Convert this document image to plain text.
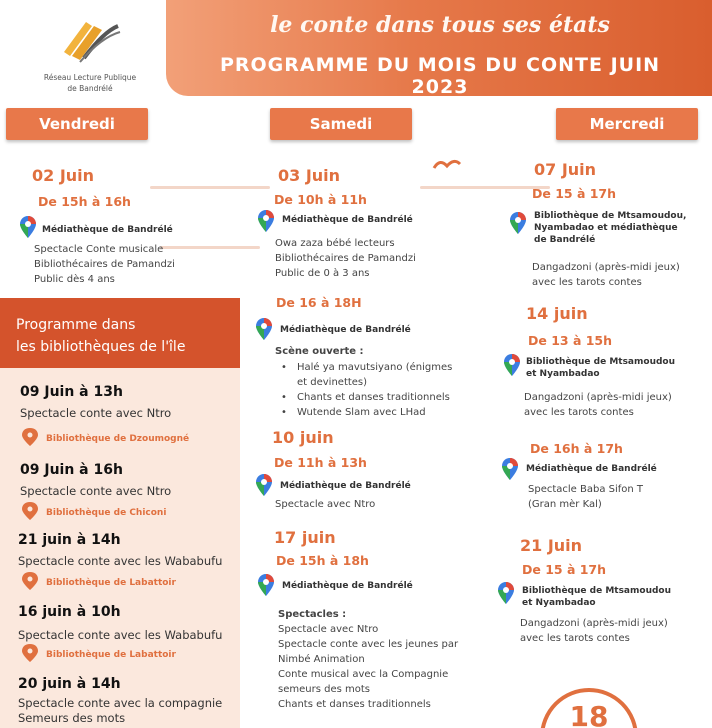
le conte dans tous ses états
PROGRAMME DU MOIS DU CONTE JUIN 2023
Réseau Lecture Publique
de Bandrélé
Vendredi	Samedi	Mercredi
02 Juin
De 15h à 16h
Médiathèque de Bandrélé
Spectacle Conte musicale
Bibliothécaires de Pamandzi
Public dès 4 ans
Programme dans
les bibliothèques de l'île
09 Juin à 13h
Spectacle conte avec Ntro
Bibliothèque de Dzoumogné
09 Juin à 16h
Spectacle conte avec Ntro
Bibliothèque de Chiconi
21 juin à 14h
Spectacle conte avec les Wababufu
Bibliothèque de Labattoir
16 juin à 10h
Spectacle conte avec les Wababufu
Bibliothèque de Labattoir
20 juin à 14h
Spectacle conte avec la compagnie
Semeurs des mots
03 Juin
De 10h à 11h
Médiathèque de Bandrélé
Owa zaza bébé lecteurs
Bibliothécaires de Pamandzi
Public de 0 à 3 ans
De 16 à 18H
Médiathèque de Bandrélé
Scène ouverte :
• Halé ya mavutsiyano (énigmes
et devinettes)
• Chants et danses traditionnels
• Wutende Slam avec LHad
10 juin
De 11h à 13h
Médiathèque de Bandrélé
Spectacle avec Ntro
17 juin
De 15h à 18h
Médiathèque de Bandrélé
Spectacles :
Spectacle avec Ntro
Spectacle conte avec les jeunes par
Nimbé Animation
Conte musical avec la Compagnie
semeurs des mots
Chants et danses traditionnels
07 Juin
De 15 à 17h
Bibliothèque de Mtsamoudou,
Nyambadao et médiathèque
de Bandrélé
Dangadzoni (après-midi jeux)
avec les tarots contes
14 juin
De 13 à 15h
Bibliothèque de Mtsamoudou
et Nyambadao
Dangadzoni (après-midi jeux)
avec les tarots contes
De 16h à 17h
Médiathèque de Bandrélé
Spectacle Baba Sifon T
(Gran mèr Kal)
21 Juin
De 15 à 17h
Bibliothèque de Mtsamoudou
et Nyambadao
Dangadzoni (après-midi jeux)
avec les tarots contes
18
